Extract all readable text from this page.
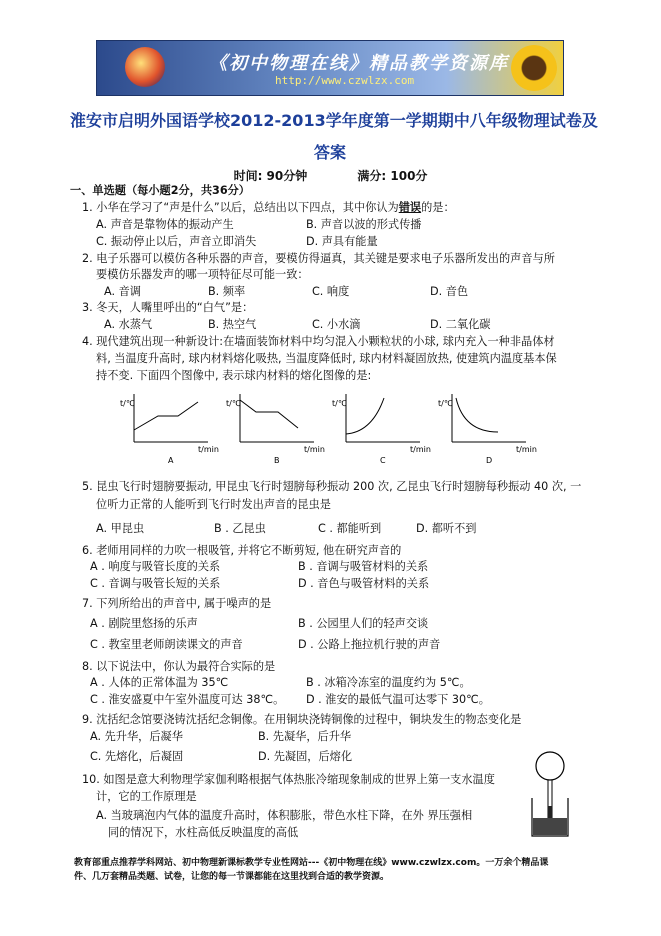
《初中物理在线》精品教学资源库
http://www.czwlzx.com
淮安市启明外国语学校2012-2013学年度第一学期期中八年级物理试卷及
答案
时间: 90分钟	满分: 100分
一、单选题（每小题2分，共36分）
1. 小华在学习了“声是什么”以后，总结出以下四点，其中你认为错误的是：
A. 声音是靠物体的振动产生	B. 声音以波的形式传播
C. 振动停止以后，声音立即消失	D. 声具有能量
2. 电子乐器可以模仿各种乐器的声音，要模仿得逼真，其关键是要求电子乐器所发出的声音与所
要模仿乐器发声的哪一项特征尽可能一致：
A. 音调	B. 频率	C. 响度	D. 音色
3. 冬天，人嘴里呼出的“白气”是：
A. 水蒸气	B. 热空气	C. 小水滴	D. 二氧化碳
4. 现代建筑出现一种新设计:在墙面装饰材料中均匀混入小颗粒状的小球, 球内充入一种非晶体材
料, 当温度升高时, 球内材料熔化吸热, 当温度降低时, 球内材料凝固放热, 使建筑内温度基本保
持不变. 下面四个图像中, 表示球内材料的熔化图像的是:
t/℃
t/min
A
t/℃
t/min
B
t/℃
t/min
C
t/℃
t/min
D
5. 昆虫飞行时翅膀要振动, 甲昆虫飞行时翅膀每秒振动 200 次, 乙昆虫飞行时翅膀每秒振动 40 次, 一
位听力正常的人能听到飞行时发出声音的昆虫是
A. 甲昆虫	B . 乙昆虫	C . 都能听到	D. 都听不到
6. 老师用同样的力吹一根吸管, 并将它不断剪短, 他在研究声音的
A . 响度与吸管长度的关系	B . 音调与吸管材料的关系
C . 音调与吸管长短的关系	D . 音色与吸管材料的关系
7. 下列所给出的声音中, 属于噪声的是
A . 剧院里悠扬的乐声	B . 公园里人们的轻声交谈
C . 教室里老师朗读课文的声音	D . 公路上拖拉机行驶的声音
8. 以下说法中，你认为最符合实际的是
A . 人体的正常体温为 35℃	B . 冰箱冷冻室的温度约为 5℃。
C . 淮安盛夏中午室外温度可达 38℃。 D . 淮安的最低气温可达零下 30℃。
9. 沈括纪念馆要浇铸沈括纪念铜像。在用铜块浇铸铜像的过程中，铜块发生的物态变化是
A. 先升华，后凝华	B. 先凝华，后升华
C. 先熔化，后凝固	D. 先凝固，后熔化
10. 如图是意大利物理学家伽利略根据气体热胀冷缩现象制成的世界上第一支水温度
计，它的工作原理是
A. 当玻璃泡内气体的温度升高时，体积膨胀，带色水柱下降，在外 界压强相
同的情况下，水柱高低反映温度的高低
教育部重点推荐学科网站、初中物理新课标教学专业性网站---《初中物理在线》www.czwlzx.com。一万余个精品课
件、几万套精品类题、试卷，让您的每一节课都能在这里找到合适的教学资源。
